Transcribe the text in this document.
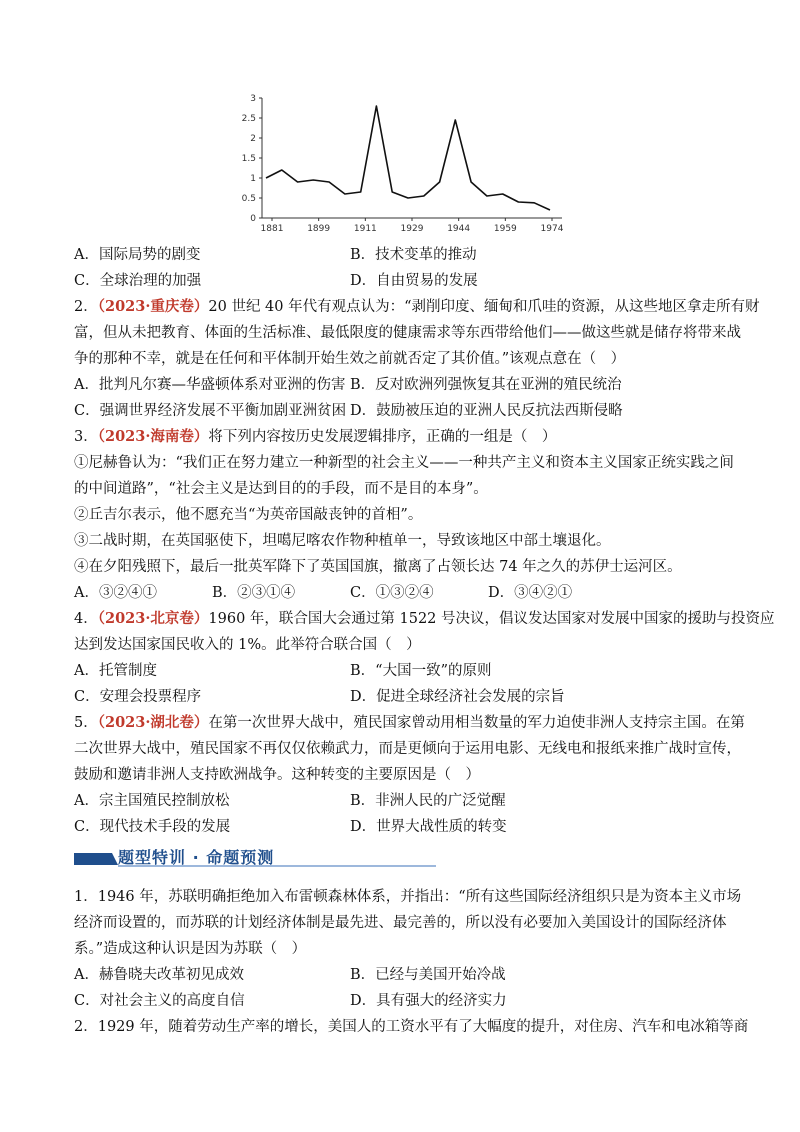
0
0.5
1
1.5
2
2.5
3
1881	1899	1911	1929	1944	1959	1974
A．国际局势的剧变	B．技术变革的推动
C．全球治理的加强	D．自由贸易的发展
2．（2023·重庆卷）20 世纪 40 年代有观点认为：“剥削印度、缅甸和爪哇的资源，从这些地区拿走所有财
富，但从未把教育、体面的生活标准、最低限度的健康需求等东西带给他们——做这些就是储存将带来战
争的那种不幸，就是在任何和平体制开始生效之前就否定了其价值。”该观点意在（　）
A．批判凡尔赛—华盛顿体系对亚洲的伤害 B．反对欧洲列强恢复其在亚洲的殖民统治
C．强调世界经济发展不平衡加剧亚洲贫困 D．鼓励被压迫的亚洲人民反抗法西斯侵略
3．（2023·海南卷）将下列内容按历史发展逻辑排序，正确的一组是（　）
①尼赫鲁认为：“我们正在努力建立一种新型的社会主义——一种共产主义和资本主义国家正统实践之间
的中间道路”，“社会主义是达到目的的手段，而不是目的本身”。
②丘吉尔表示，他不愿充当“为英帝国敲丧钟的首相”。
③二战时期，在英国驱使下，坦噶尼喀农作物种植单一，导致该地区中部土壤退化。
④在夕阳残照下，最后一批英军降下了英国国旗，撤离了占领长达 74 年之久的苏伊士运河区。
A．③②④①	B．②③①④	C．①③②④	D．③④②①
4．（2023·北京卷）1960 年，联合国大会通过第 1522 号决议，倡议发达国家对发展中国家的援助与投资应
达到发达国家国民收入的 1%。此举符合联合国（　）
A．托管制度	B．“大国一致”的原则
C．安理会投票程序	D．促进全球经济社会发展的宗旨
5．（2023·湖北卷）在第一次世界大战中，殖民国家曾动用相当数量的军力迫使非洲人支持宗主国。在第
二次世界大战中，殖民国家不再仅仅依赖武力，而是更倾向于运用电影、无线电和报纸来推广战时宣传，
鼓励和邀请非洲人支持欧洲战争。这种转变的主要原因是（　）
A．宗主国殖民控制放松	B．非洲人民的广泛觉醒
C．现代技术手段的发展	D．世界大战性质的转变
题型特训 · 命题预测
1．1946 年，苏联明确拒绝加入布雷顿森林体系，并指出：“所有这些国际经济组织只是为资本主义市场
经济而设置的，而苏联的计划经济体制是最先进、最完善的，所以没有必要加入美国设计的国际经济体
系。”造成这种认识是因为苏联（　）
A．赫鲁晓夫改革初见成效	B．已经与美国开始冷战
C．对社会主义的高度自信	D．具有强大的经济实力
2．1929 年，随着劳动生产率的增长，美国人的工资水平有了大幅度的提升，对住房、汽车和电冰箱等商
